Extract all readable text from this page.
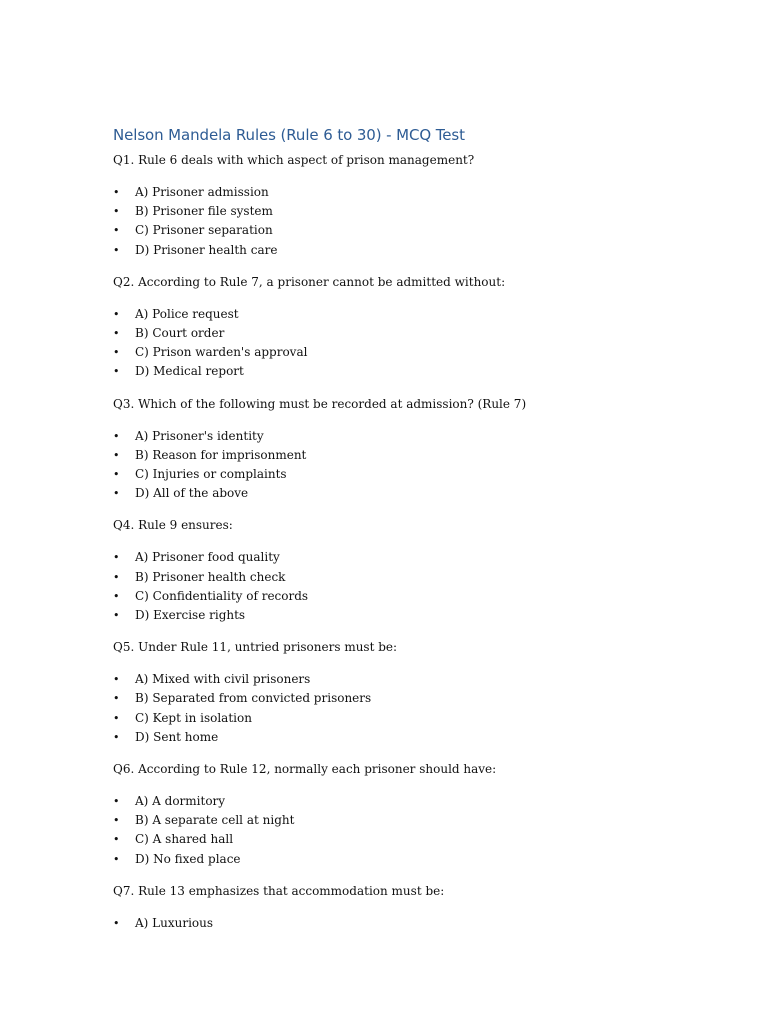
Nelson Mandela Rules (Rule 6 to 30) - MCQ Test

Q1. Rule 6 deals with which aspect of prison management?

• A) Prisoner admission
• B) Prisoner file system
• C) Prisoner separation
• D) Prisoner health care

Q2. According to Rule 7, a prisoner cannot be admitted without:

• A) Police request
• B) Court order
• C) Prison warden's approval
• D) Medical report

Q3. Which of the following must be recorded at admission? (Rule 7)

• A) Prisoner's identity
• B) Reason for imprisonment
• C) Injuries or complaints
• D) All of the above

Q4. Rule 9 ensures:

• A) Prisoner food quality
• B) Prisoner health check
• C) Confidentiality of records
• D) Exercise rights

Q5. Under Rule 11, untried prisoners must be:

• A) Mixed with civil prisoners
• B) Separated from convicted prisoners
• C) Kept in isolation
• D) Sent home

Q6. According to Rule 12, normally each prisoner should have:

• A) A dormitory
• B) A separate cell at night
• C) A shared hall
• D) No fixed place

Q7. Rule 13 emphasizes that accommodation must be:

• A) Luxurious
